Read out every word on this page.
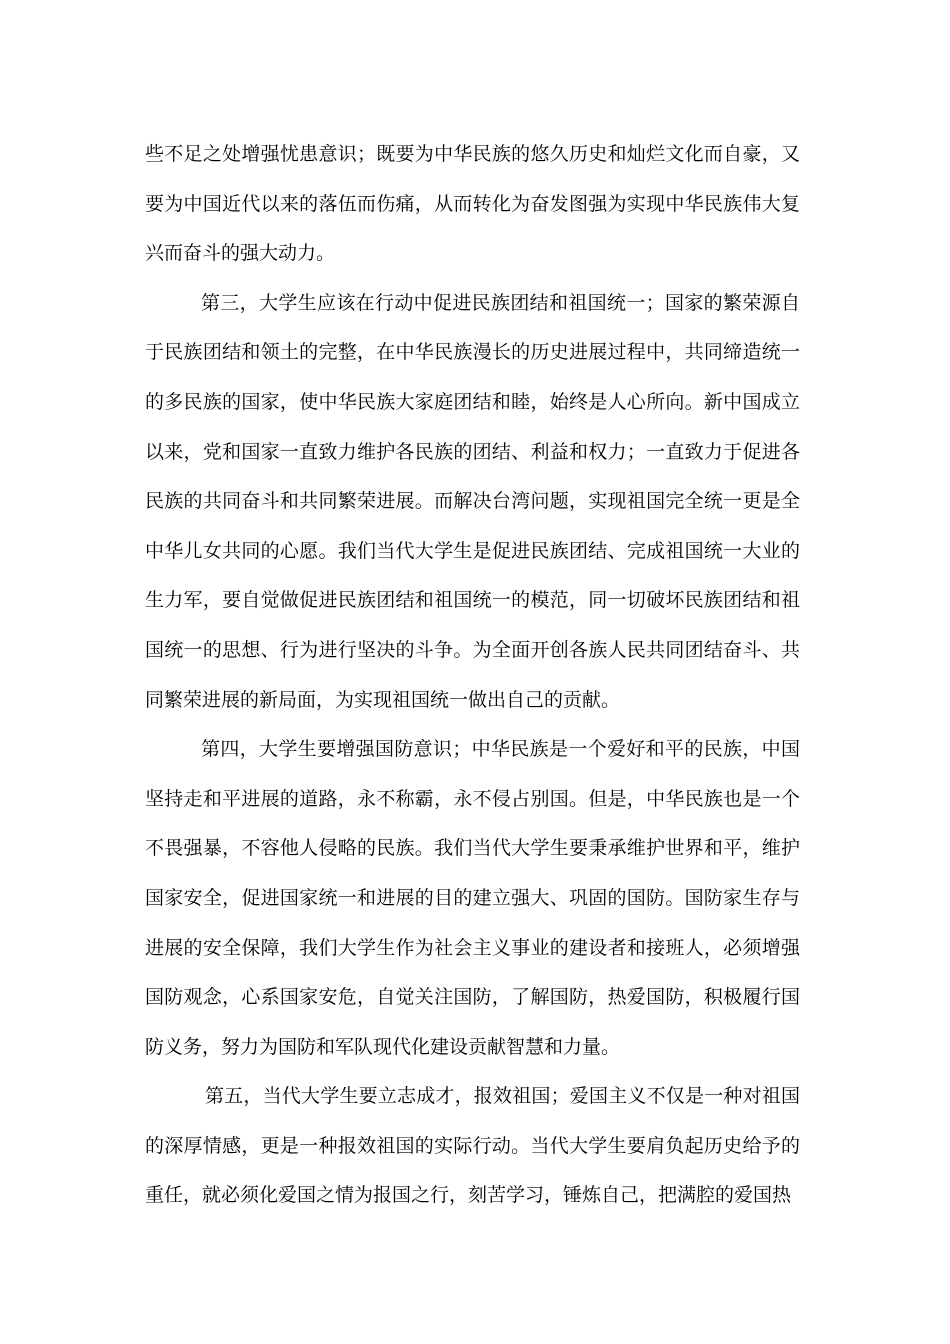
些不足之处增强忧患意识；既要为中华民族的悠久历史和灿烂文化而自豪，又要为中国近代以来的落伍而伤痛，从而转化为奋发图强为实现中华民族伟大复兴而奋斗的强大动力。

第三，大学生应该在行动中促进民族团结和祖国统一；国家的繁荣源自于民族团结和领土的完整，在中华民族漫长的历史进展过程中，共同缔造统一的多民族的国家，使中华民族大家庭团结和睦，始终是人心所向。新中国成立以来，党和国家一直致力维护各民族的团结、利益和权力；一直致力于促进各民族的共同奋斗和共同繁荣进展。而解决台湾问题，实现祖国完全统一更是全中华儿女共同的心愿。我们当代大学生是促进民族团结、完成祖国统一大业的生力军，要自觉做促进民族团结和祖国统一的模范，同一切破坏民族团结和祖国统一的思想、行为进行坚决的斗争。为全面开创各族人民共同团结奋斗、共同繁荣进展的新局面，为实现祖国统一做出自己的贡献。

第四，大学生要增强国防意识；中华民族是一个爱好和平的民族，中国坚持走和平进展的道路，永不称霸，永不侵占别国。但是，中华民族也是一个不畏强暴，不容他人侵略的民族。我们当代大学生要秉承维护世界和平，维护国家安全，促进国家统一和进展的目的建立强大、巩固的国防。国防家生存与进展的安全保障，我们大学生作为社会主义事业的建设者和接班人，必须增强国防观念，心系国家安危，自觉关注国防，了解国防，热爱国防，积极履行国防义务，努力为国防和军队现代化建设贡献智慧和力量。

第五，当代大学生要立志成才，报效祖国；爱国主义不仅是一种对祖国的深厚情感，更是一种报效祖国的实际行动。当代大学生要肩负起历史给予的重任，就必须化爱国之情为报国之行，刻苦学习，锤炼自己，把满腔的爱国热
